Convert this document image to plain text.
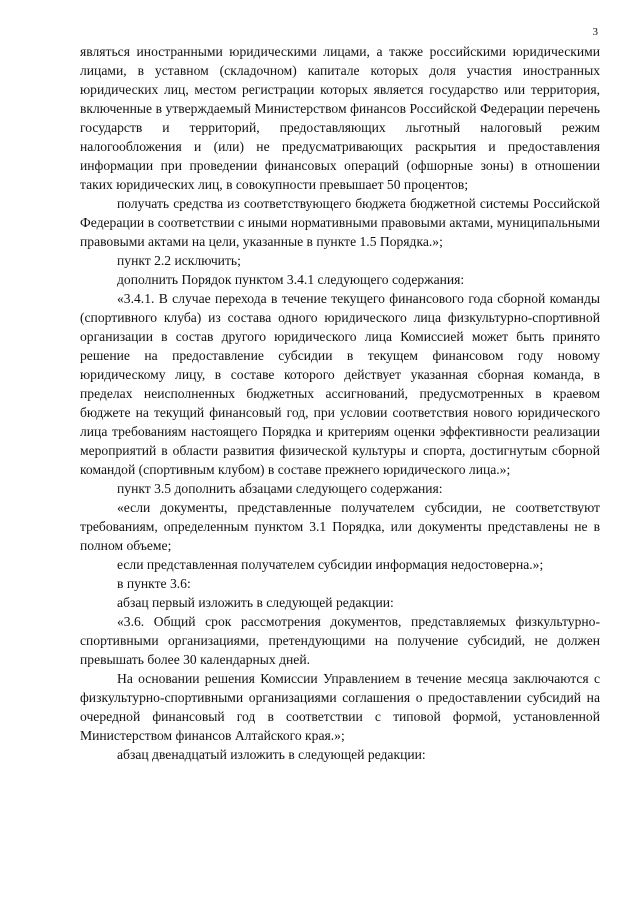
3

являться иностранными юридическими лицами, а также российскими юридическими лицами, в уставном (складочном) капитале которых доля участия иностранных юридических лиц, местом регистрации которых является государство или территория, включенные в утверждаемый Министерством финансов Российской Федерации перечень государств и территорий, предоставляющих льготный налоговый режим налогообложения и (или) не предусматривающих раскрытия и предоставления информации при проведении финансовых операций (офшорные зоны) в отношении таких юридических лиц, в совокупности превышает 50 процентов;

получать средства из соответствующего бюджета бюджетной системы Российской Федерации в соответствии с иными нормативными правовыми актами, муниципальными правовыми актами на цели, указанные в пункте 1.5 Порядка.»;

пункт 2.2 исключить;

дополнить Порядок пунктом 3.4.1 следующего содержания:

«3.4.1. В случае перехода в течение текущего финансового года сборной команды (спортивного клуба) из состава одного юридического лица физкультурно-спортивной организации в состав другого юридического лица Комиссией может быть принято решение на предоставление субсидии в текущем финансовом году новому юридическому лицу, в составе которого действует указанная сборная команда, в пределах неисполненных бюджетных ассигнований, предусмотренных в краевом бюджете на текущий финансовый год, при условии соответствия нового юридического лица требованиям настоящего Порядка и критериям оценки эффективности реализации мероприятий в области развития физической культуры и спорта, достигнутым сборной командой (спортивным клубом) в составе прежнего юридического лица.»;

пункт 3.5 дополнить абзацами следующего содержания:

«если документы, представленные получателем субсидии, не соответствуют требованиям, определенным пунктом 3.1 Порядка, или документы представлены не в полном объеме;

если представленная получателем субсидии информация недостоверна.»;

в пункте 3.6:

абзац первый изложить в следующей редакции:

«3.6. Общий срок рассмотрения документов, представляемых физкультурно-спортивными организациями, претендующими на получение субсидий, не должен превышать более 30 календарных дней.

На основании решения Комиссии Управлением в течение месяца заключаются с физкультурно-спортивными организациями соглашения о предоставлении субсидий на очередной финансовый год в соответствии с типовой формой, установленной Министерством финансов Алтайского края.»;

абзац двенадцатый изложить в следующей редакции:
